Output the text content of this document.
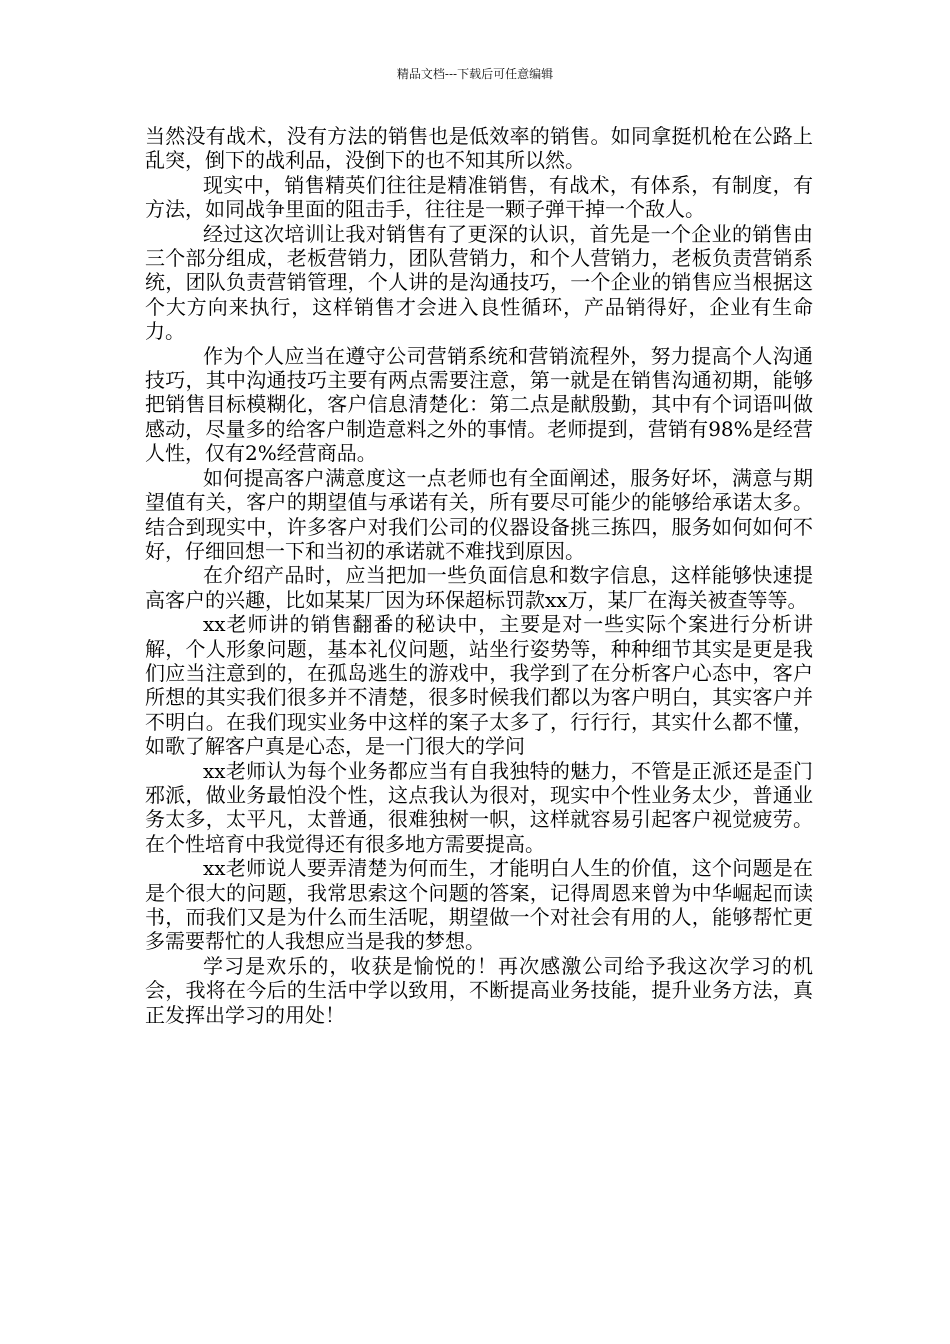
精品文档---下载后可任意编辑

当然没有战术，没有方法的销售也是低效率的销售。如同拿挺机枪在公路上乱突，倒下的战利品，没倒下的也不知其所以然。

现实中，销售精英们往往是精准销售，有战术，有体系，有制度，有方法，如同战争里面的阻击手，往往是一颗子弹干掉一个敌人。

经过这次培训让我对销售有了更深的认识，首先是一个企业的销售由三个部分组成，老板营销力，团队营销力，和个人营销力，老板负责营销系统，团队负责营销管理，个人讲的是沟通技巧，一个企业的销售应当根据这个大方向来执行，这样销售才会进入良性循环，产品销得好，企业有生命力。

作为个人应当在遵守公司营销系统和营销流程外，努力提高个人沟通技巧，其中沟通技巧主要有两点需要注意，第一就是在销售沟通初期，能够把销售目标模糊化，客户信息清楚化：第二点是献殷勤，其中有个词语叫做感动，尽量多的给客户制造意料之外的事情。老师提到，营销有98%是经营人性，仅有2%经营商品。

如何提高客户满意度这一点老师也有全面阐述，服务好坏，满意与期望值有关，客户的期望值与承诺有关，所有要尽可能少的能够给承诺太多。结合到现实中，许多客户对我们公司的仪器设备挑三拣四，服务如何如何不好，仔细回想一下和当初的承诺就不难找到原因。

在介绍产品时，应当把加一些负面信息和数字信息，这样能够快速提高客户的兴趣，比如某某厂因为环保超标罚款xx万，某厂在海关被查等等。

xx老师讲的销售翻番的秘诀中，主要是对一些实际个案进行分析讲解，个人形象问题，基本礼仪问题，站坐行姿势等，种种细节其实是更是我们应当注意到的，在孤岛逃生的游戏中，我学到了在分析客户心态中，客户所想的其实我们很多并不清楚，很多时候我们都以为客户明白，其实客户并不明白。在我们现实业务中这样的案子太多了，行行行，其实什么都不懂，如歌了解客户真是心态，是一门很大的学问

xx老师认为每个业务都应当有自我独特的魅力，不管是正派还是歪门邪派，做业务最怕没个性，这点我认为很对，现实中个性业务太少，普通业务太多，太平凡，太普通，很难独树一帜，这样就容易引起客户视觉疲劳。在个性培育中我觉得还有很多地方需要提高。

xx老师说人要弄清楚为何而生，才能明白人生的价值，这个问题是在是个很大的问题，我常思索这个问题的答案，记得周恩来曾为中华崛起而读书，而我们又是为什么而生活呢，期望做一个对社会有用的人，能够帮忙更多需要帮忙的人我想应当是我的梦想。

学习是欢乐的，收获是愉悦的！再次感激公司给予我这次学习的机会，我将在今后的生活中学以致用，不断提高业务技能，提升业务方法，真正发挥出学习的用处！
